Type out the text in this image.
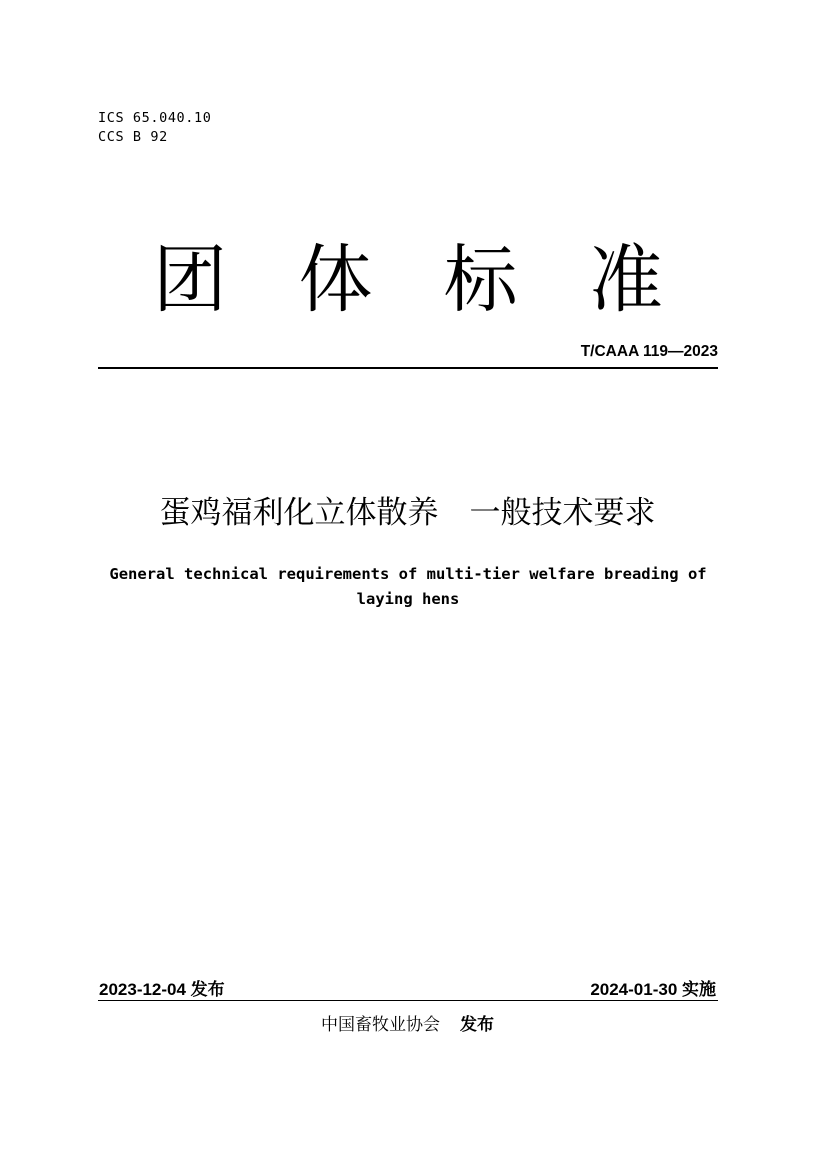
ICS 65.040.10
CCS B 92
团 体 标 准
T/CAAA 119—2023
蛋鸡福利化立体散养　一般技术要求
General technical requirements of multi-tier welfare breading of laying hens
2023-12-04 发布	2024-01-30 实施
中国畜牧业协会 发布
